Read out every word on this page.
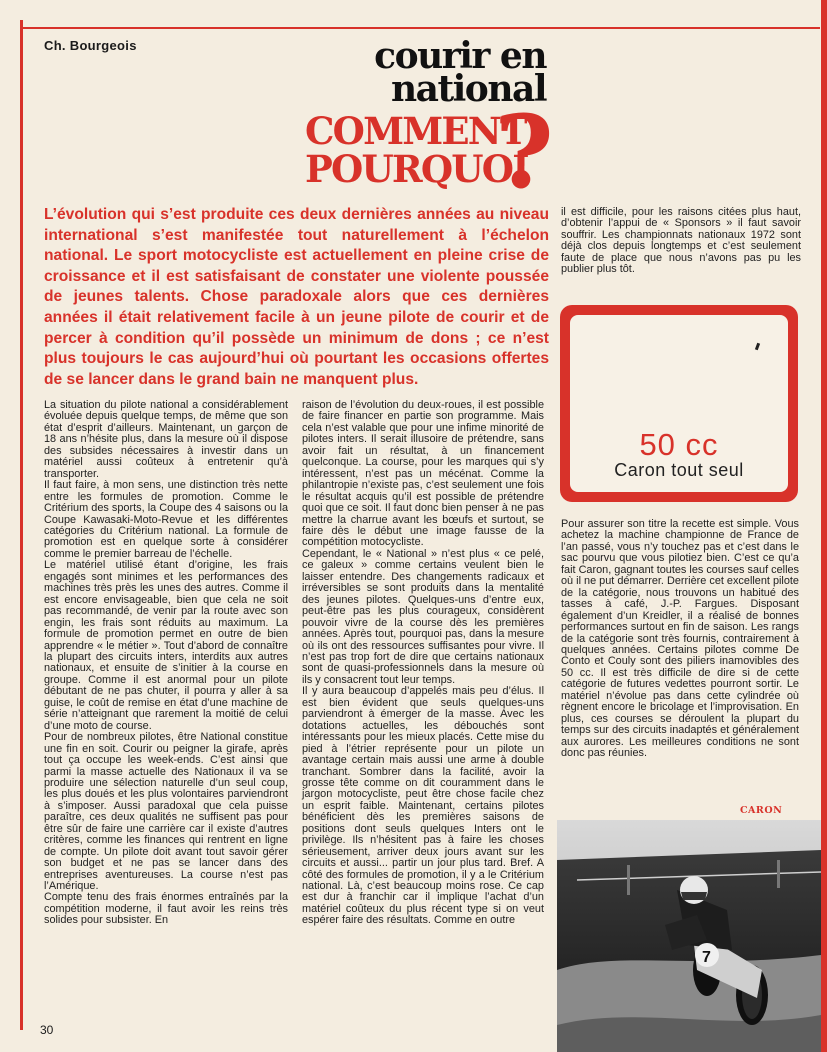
Ch. Bourgeois	courir en
national
COMMENT
POURQUOI
?
L’évolution qui s’est produite ces deux dernières années au niveau international s’est manifestée tout naturellement à l’échelon national. Le sport motocycliste est actuellement en pleine crise de croissance et il est satisfaisant de constater une violente poussée de jeunes talents. Chose paradoxale alors que ces dernières années il était relativement facile à un jeune pilote de courir et de percer à condition qu’il possède un minimum de dons ; ce n’est plus toujours le cas aujourd’hui où pourtant les occasions offertes de se lancer dans le grand bain ne manquent plus.

La situation du pilote national a considérablement évoluée depuis quelque temps, de même que son état d’esprit d’ailleurs. Maintenant, un garçon de 18 ans n’hésite plus, dans la mesure où il dispose des subsides nécessaires à investir dans un matériel aussi coûteux à entretenir qu’à transporter.

Il faut faire, à mon sens, une distinction très nette entre les formules de promotion. Comme le Critérium des sports, la Coupe des 4 saisons ou la Coupe Kawasaki-Moto-Revue et les différentes catégories du Critérium national. La formule de promotion est en quelque sorte à considérer comme le premier barreau de l’échelle.

Le matériel utilisé étant d’origine, les frais engagés sont minimes et les performances des machines très près les unes des autres. Comme il est encore envisageable, bien que cela ne soit pas recommandé, de venir par la route avec son engin, les frais sont réduits au maximum. La formule de promotion permet en outre de bien apprendre « le métier ». Tout d’abord de connaître la plupart des circuits inters, interdits aux autres nationaux, et ensuite de s’initier à la course en groupe. Comme il est anormal pour un pilote débutant de ne pas chuter, il pourra y aller à sa guise, le coût de remise en état d’une machine de série n’atteignant que rarement la moitié de celui d’une moto de course.

Pour de nombreux pilotes, être National constitue une fin en soit. Courir ou peigner la girafe, après tout ça occupe les week-ends. C’est ainsi que parmi la masse actuelle des Nationaux il va se produire une sélection naturelle d’un seul coup, les plus doués et les plus volontaires parviendront à s’imposer. Aussi paradoxal que cela puisse paraître, ces deux qualités ne suffisent pas pour être sûr de faire une carrière car il existe d’autres critères, comme les finances qui rentrent en ligne de compte. Un pilote doit avant tout savoir gérer son budget et ne pas se lancer dans des entreprises aventureuses. La course n’est pas l’Amérique.

Compte tenu des frais énormes entraînés par la compétition moderne, il faut avoir les reins très solides pour subsister. En

raison de l’évolution du deux-roues, il est possible de faire financer en partie son programme. Mais cela n’est valable que pour une infime minorité de pilotes inters. Il serait illusoire de prétendre, sans avoir fait un résultat, à un financement quelconque. La course, pour les marques qui s’y intéressent, n’est pas un mécénat. Comme la philantropie n’existe pas, c’est seulement une fois le résultat acquis qu’il est possible de prétendre quoi que ce soit. Il faut donc bien penser à ne pas mettre la charrue avant les bœufs et surtout, se faire dès le début une image fausse de la compétition motocycliste.

Cependant, le « National » n’est plus « ce pelé, ce galeux » comme certains veulent bien le laisser entendre. Des changements radicaux et irréversibles se sont produits dans la mentalité des jeunes pilotes. Quelques-uns d’entre eux, peut-être pas les plus courageux, considèrent pouvoir vivre de la course dès les premières années. Après tout, pourquoi pas, dans la mesure où ils ont des ressources suffisantes pour vivre. Il n’est pas trop fort de dire que certains nationaux sont de quasi-professionnels dans la mesure où ils y consacrent tout leur temps.

Il y aura beaucoup d’appelés mais peu d’élus. Il est bien évident que seuls quelques-uns parviendront à émerger de la masse. Avec les dotations actuelles, les débouchés sont intéressants pour les mieux placés. Cette mise du pied à l’étrier représente pour un pilote un avantage certain mais aussi une arme à double tranchant. Sombrer dans la facilité, avoir la grosse tête comme on dit couramment dans le jargon motocycliste, peut être chose facile chez un esprit faible. Maintenant, certains pilotes bénéficient dès les premières saisons de positions dont seuls quelques Inters ont le privilège. Ils n’hésitent pas à faire les choses sérieusement, arriver deux jours avant sur les circuits et aussi... partir un jour plus tard. Bref. A côté des formules de promotion, il y a le Critérium national. Là, c’est beaucoup moins rose. Ce cap est dur à franchir car il implique l’achat d’un matériel coûteux du plus récent type si on veut espérer faire des résultats. Comme en outre

il est difficile, pour les raisons citées plus haut, d’obtenir l’appui de « Sponsors » il faut savoir souffrir. Les championnats nationaux 1972 sont déjà clos depuis longtemps et c’est seulement faute de place que nous n’avons pas pu les publier plus tôt.

50 cc
Caron tout seul

Pour assurer son titre la recette est simple. Vous achetez la machine championne de France de l’an passé, vous n’y touchez pas et c’est dans le sac pourvu que vous pilotiez bien. C’est ce qu’a fait Caron, gagnant toutes les courses sauf celles où il ne put démarrer. Derrière cet excellent pilote de la catégorie, nous trouvons un habitué des tasses à café, J.-P. Fargues. Disposant également d’un Kreidler, il a réalisé de bonnes performances surtout en fin de saison. Les rangs de la catégorie sont très fournis, contrairement à quelques années. Certains pilotes comme De Conto et Couly sont des piliers inamovibles des 50 cc. Il est très difficile de dire si de cette catégorie de futures vedettes pourront sortir. Le matériel n’évolue pas dans cette cylindrée où règnent encore le bricolage et l’improvisation. En plus, ces courses se déroulent la plupart du temps sur des circuits inadaptés et généralement aux aurores. Les meilleures conditions ne sont donc pas réunies.

CARON
7
30
